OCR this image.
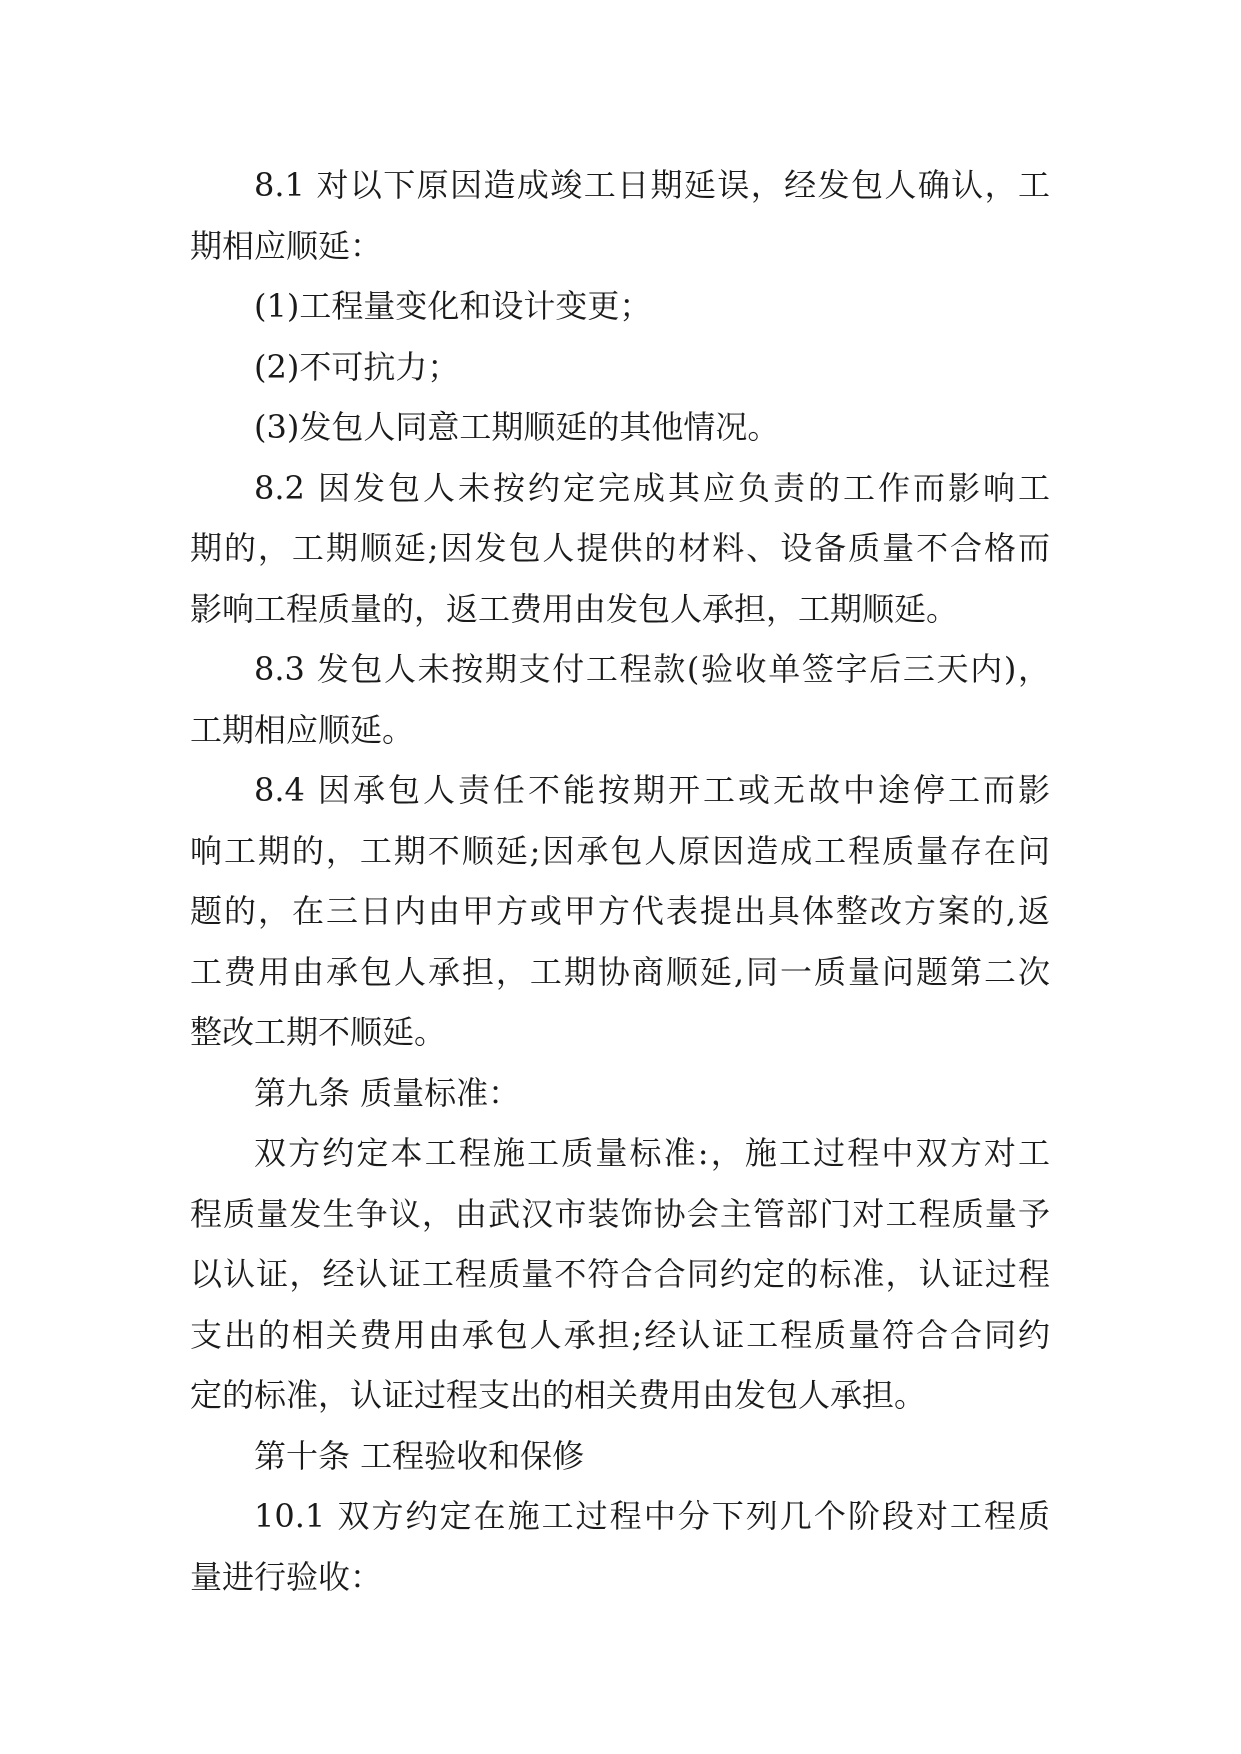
8.1 对以下原因造成竣工日期延误，经发包人确认，工
期相应顺延：
(1)工程量变化和设计变更；
(2)不可抗力；
(3)发包人同意工期顺延的其他情况。
8.2 因发包人未按约定完成其应负责的工作而影响工
期的，工期顺延;因发包人提供的材料、设备质量不合格而
影响工程质量的，返工费用由发包人承担，工期顺延。
8.3 发包人未按期支付工程款(验收单签字后三天内)，
工期相应顺延。
8.4 因承包人责任不能按期开工或无故中途停工而影
响工期的，工期不顺延;因承包人原因造成工程质量存在问
题的，在三日内由甲方或甲方代表提出具体整改方案的,返
工费用由承包人承担，工期协商顺延,同一质量问题第二次
整改工期不顺延。
第九条 质量标准：
双方约定本工程施工质量标准:，施工过程中双方对工
程质量发生争议，由武汉市装饰协会主管部门对工程质量予
以认证，经认证工程质量不符合合同约定的标准，认证过程
支出的相关费用由承包人承担;经认证工程质量符合合同约
定的标准，认证过程支出的相关费用由发包人承担。
第十条 工程验收和保修
10.1 双方约定在施工过程中分下列几个阶段对工程质
量进行验收：
